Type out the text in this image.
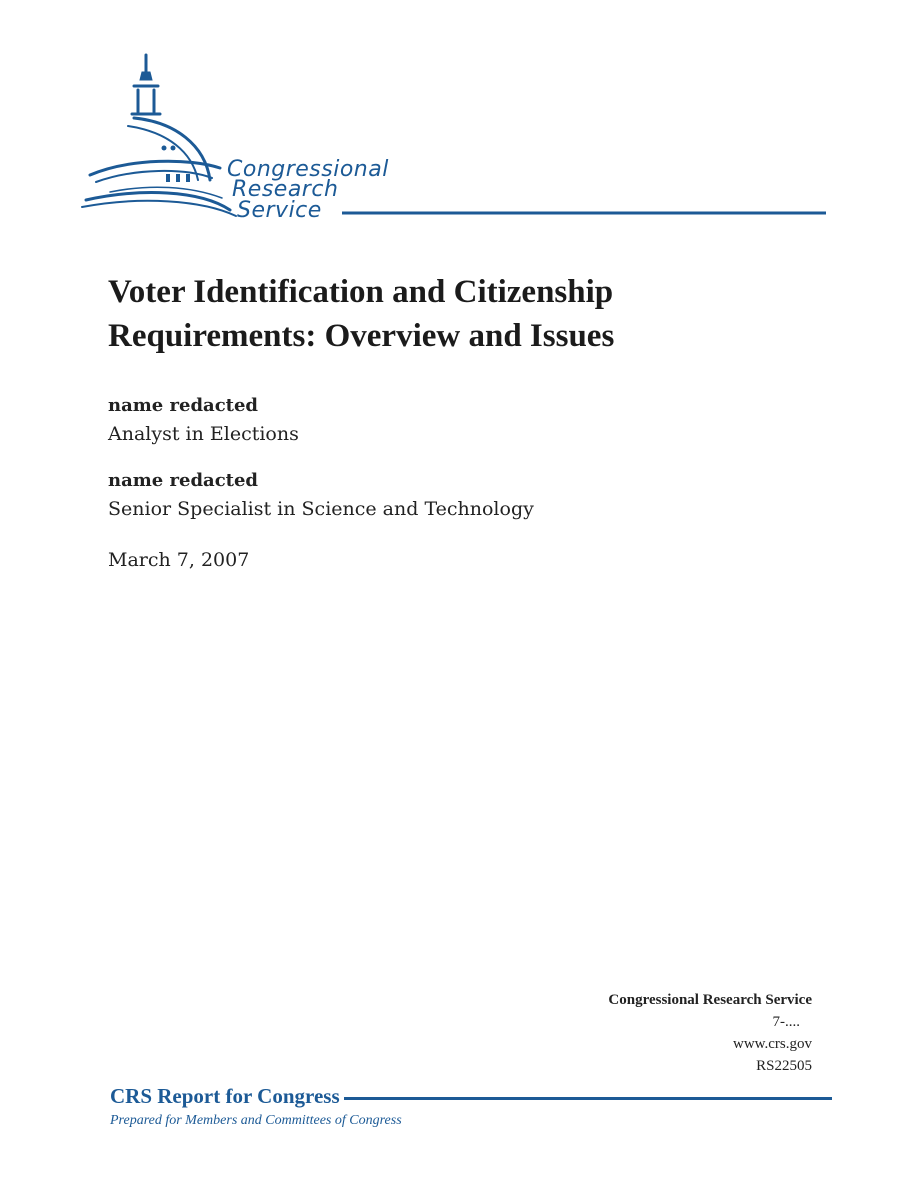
Congressional
Research
Service
Voter Identification and Citizenship Requirements: Overview and Issues
name redacted
Analyst in Elections
name redacted
Senior Specialist in Science and Technology
March 7, 2007
Congressional Research Service
7-....
www.crs.gov
RS22505
CRS Report for Congress
Prepared for Members and Committees of Congress
